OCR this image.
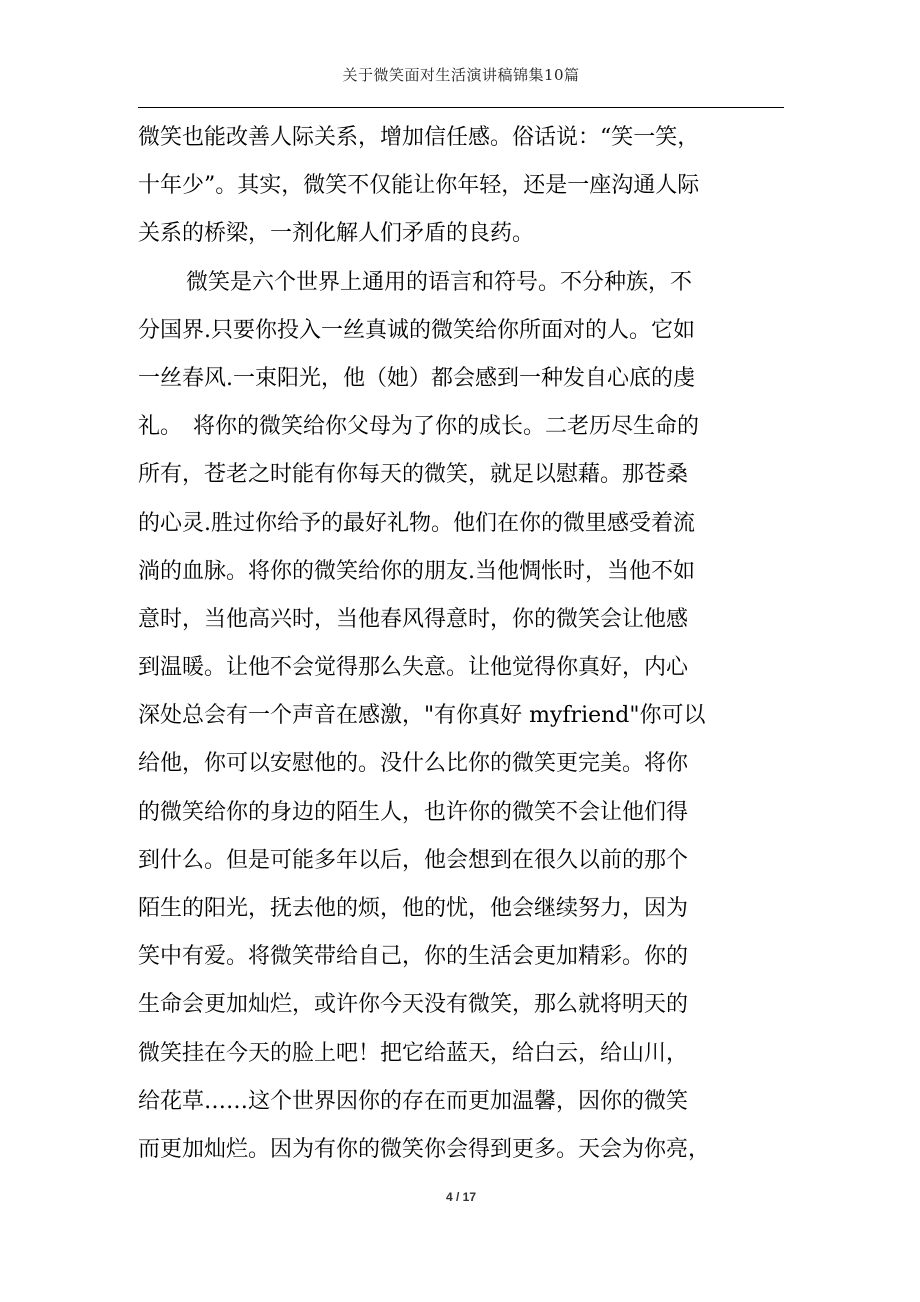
关于微笑面对生活演讲稿锦集10篇
微笑也能改善人际关系，增加信任感。俗话说：“笑一笑，
十年少”。其实，微笑不仅能让你年轻，还是一座沟通人际
关系的桥梁，一剂化解人们矛盾的良药。
微笑是六个世界上通用的语言和符号。不分种族，不
分国界.只要你投入一丝真诚的微笑给你所面对的人。它如
一丝春风.一束阳光，他（她）都会感到一种发自心底的虔
礼。　将你的微笑给你父母为了你的成长。二老历尽生命的
所有，苍老之时能有你每天的微笑，就足以慰藉。那苍桑
的心灵.胜过你给予的最好礼物。他们在你的微里感受着流
淌的血脉。将你的微笑给你的朋友.当他惆怅时，当他不如
意时，当他高兴时，当他春风得意时，你的微笑会让他感
到温暖。让他不会觉得那么失意。让他觉得你真好，内心
深处总会有一个声音在感激，"有你真好 myfriend"你可以
给他，你可以安慰他的。没什么比你的微笑更完美。将你
的微笑给你的身边的陌生人，也许你的微笑不会让他们得
到什么。但是可能多年以后，他会想到在很久以前的那个
陌生的阳光，抚去他的烦，他的忧，他会继续努力，因为
笑中有爱。将微笑带给自己，你的生活会更加精彩。你的
生命会更加灿烂，或许你今天没有微笑，那么就将明天的
微笑挂在今天的脸上吧！把它给蓝天，给白云，给山川，
给花草……这个世界因你的存在而更加温馨，因你的微笑
而更加灿烂。因为有你的微笑你会得到更多。天会为你亮，
4 / 17
